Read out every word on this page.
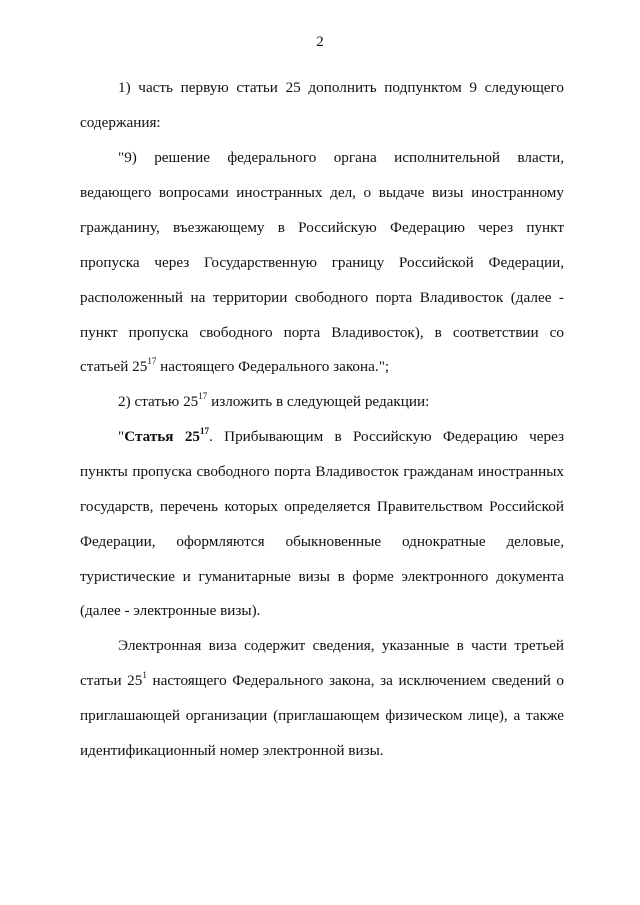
2
1) часть первую статьи 25 дополнить подпунктом 9 следующего
содержания:
"9) решение федерального органа исполнительной власти,
ведающего вопросами иностранных дел, о выдаче визы иностранному
гражданину, въезжающему в Российскую Федерацию через пункт
пропуска через Государственную границу Российской Федерации,
расположенный на территории свободного порта Владивосток (далее -
пункт пропуска свободного порта Владивосток), в соответствии со
статьей $25^{17}$ настоящего Федерального закона.";
2) статью $25^{17}$ изложить в следующей редакции:
"Статья $25^{17}$. Прибывающим в Российскую Федерацию через
пункты пропуска свободного порта Владивосток гражданам иностранных
государств, перечень которых определяется Правительством Российской
Федерации, оформляются обыкновенные однократные деловые,
туристические и гуманитарные визы в форме электронного документа
(далее - электронные визы).
Электронная виза содержит сведения, указанные в части третьей
статьи $25^1$ настоящего Федерального закона, за исключением сведений о
приглашающей организации (приглашающем физическом лице), а также
идентификационный номер электронной визы.
